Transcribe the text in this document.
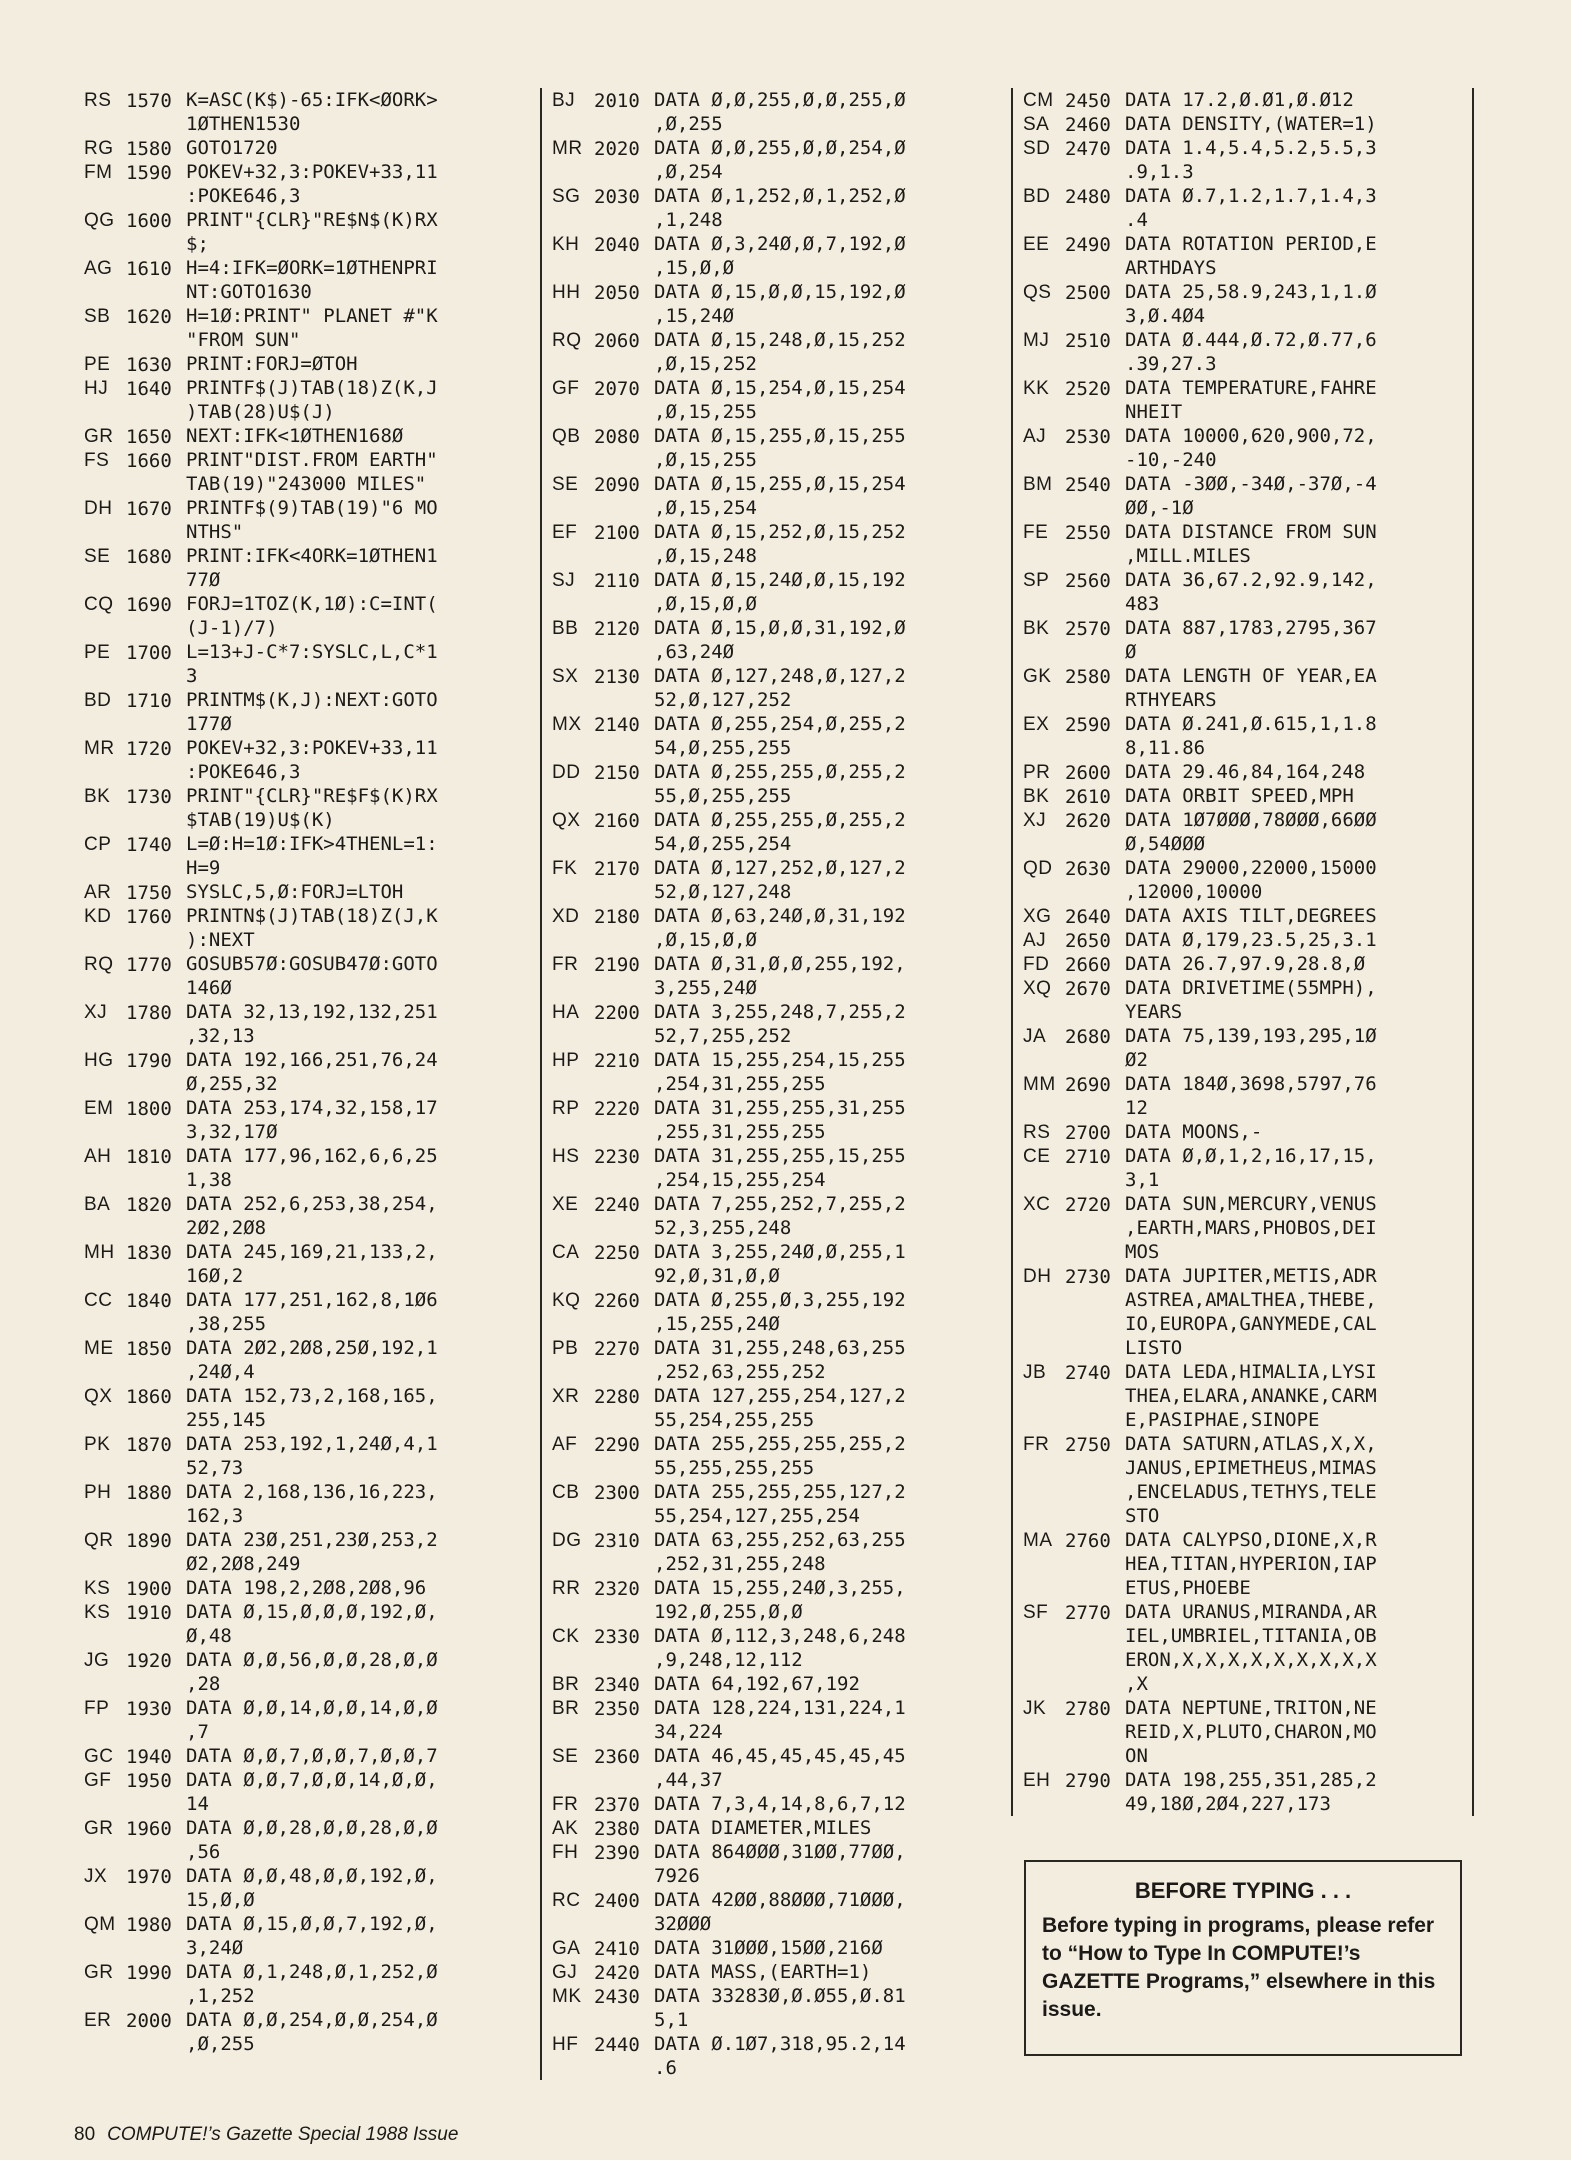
RS 1570 K=ASC(K$)-65:IFK<ØORK>
1ØTHEN1530
RG 1580 GOTO1720
FM 1590 POKEV+32,3:POKEV+33,11
:POKE646,3
QG 1600 PRINT"{CLR}"RE$N$(K)RX
$;
AG 1610 H=4:IFK=ØORK=1ØTHENPRI
NT:GOTO1630
SB 1620 H=1Ø:PRINT" PLANET #"K
"FROM SUN"
PE 1630 PRINT:FORJ=ØTOH
HJ 1640 PRINTF$(J)TAB(18)Z(K,J
)TAB(28)U$(J)
GR 1650 NEXT:IFK<1ØTHEN168Ø
FS 1660 PRINT"DIST.FROM EARTH"
TAB(19)"243000 MILES"
DH 1670 PRINTF$(9)TAB(19)"6 MO
NTHS"
SE 1680 PRINT:IFK<4ORK=1ØTHEN1
77Ø
CQ 1690 FORJ=1TOZ(K,1Ø):C=INT(
(J-1)/7)
PE 1700 L=13+J-C*7:SYSLC,L,C*1
3
BD 1710 PRINTM$(K,J):NEXT:GOTO
177Ø
MR 1720 POKEV+32,3:POKEV+33,11
:POKE646,3
BK 1730 PRINT"{CLR}"RE$F$(K)RX
$TAB(19)U$(K)
CP 1740 L=Ø:H=1Ø:IFK>4THENL=1:
H=9
AR 1750 SYSLC,5,Ø:FORJ=LTOH
KD 1760 PRINTN$(J)TAB(18)Z(J,K
):NEXT
RQ 1770 GOSUB57Ø:GOSUB47Ø:GOTO
146Ø
XJ 1780 DATA 32,13,192,132,251
,32,13
HG 1790 DATA 192,166,251,76,24
Ø,255,32
EM 1800 DATA 253,174,32,158,17
3,32,17Ø
AH 1810 DATA 177,96,162,6,6,25
1,38
BA 1820 DATA 252,6,253,38,254,
2Ø2,2Ø8
MH 1830 DATA 245,169,21,133,2,
16Ø,2
CC 1840 DATA 177,251,162,8,1Ø6
,38,255
ME 1850 DATA 2Ø2,2Ø8,25Ø,192,1
,24Ø,4
QX 1860 DATA 152,73,2,168,165,
255,145
PK 1870 DATA 253,192,1,24Ø,4,1
52,73
PH 1880 DATA 2,168,136,16,223,
162,3
QR 1890 DATA 23Ø,251,23Ø,253,2
Ø2,2Ø8,249
KS 1900 DATA 198,2,2Ø8,2Ø8,96
KS 1910 DATA Ø,15,Ø,Ø,Ø,192,Ø,
Ø,48
JG 1920 DATA Ø,Ø,56,Ø,Ø,28,Ø,Ø
,28
FP 1930 DATA Ø,Ø,14,Ø,Ø,14,Ø,Ø
,7
GC 1940 DATA Ø,Ø,7,Ø,Ø,7,Ø,Ø,7
GF 1950 DATA Ø,Ø,7,Ø,Ø,14,Ø,Ø,
14
GR 1960 DATA Ø,Ø,28,Ø,Ø,28,Ø,Ø
,56
JX 1970 DATA Ø,Ø,48,Ø,Ø,192,Ø,
15,Ø,Ø
QM 1980 DATA Ø,15,Ø,Ø,7,192,Ø,
3,24Ø
GR 1990 DATA Ø,1,248,Ø,1,252,Ø
,1,252
ER 2000 DATA Ø,Ø,254,Ø,Ø,254,Ø
,Ø,255
BJ 2010 DATA Ø,Ø,255,Ø,Ø,255,Ø
,Ø,255
MR 2020 DATA Ø,Ø,255,Ø,Ø,254,Ø
,Ø,254
SG 2030 DATA Ø,1,252,Ø,1,252,Ø
,1,248
KH 2040 DATA Ø,3,24Ø,Ø,7,192,Ø
,15,Ø,Ø
HH 2050 DATA Ø,15,Ø,Ø,15,192,Ø
,15,24Ø
RQ 2060 DATA Ø,15,248,Ø,15,252
,Ø,15,252
GF 2070 DATA Ø,15,254,Ø,15,254
,Ø,15,255
QB 2080 DATA Ø,15,255,Ø,15,255
,Ø,15,255
SE 2090 DATA Ø,15,255,Ø,15,254
,Ø,15,254
EF 2100 DATA Ø,15,252,Ø,15,252
,Ø,15,248
SJ 2110 DATA Ø,15,24Ø,Ø,15,192
,Ø,15,Ø,Ø
BB 2120 DATA Ø,15,Ø,Ø,31,192,Ø
,63,24Ø
SX 2130 DATA Ø,127,248,Ø,127,2
52,Ø,127,252
MX 2140 DATA Ø,255,254,Ø,255,2
54,Ø,255,255
DD 2150 DATA Ø,255,255,Ø,255,2
55,Ø,255,255
QX 2160 DATA Ø,255,255,Ø,255,2
54,Ø,255,254
FK 2170 DATA Ø,127,252,Ø,127,2
52,Ø,127,248
XD 2180 DATA Ø,63,24Ø,Ø,31,192
,Ø,15,Ø,Ø
FR 2190 DATA Ø,31,Ø,Ø,255,192,
3,255,24Ø
HA 2200 DATA 3,255,248,7,255,2
52,7,255,252
HP 2210 DATA 15,255,254,15,255
,254,31,255,255
RP 2220 DATA 31,255,255,31,255
,255,31,255,255
HS 2230 DATA 31,255,255,15,255
,254,15,255,254
XE 2240 DATA 7,255,252,7,255,2
52,3,255,248
CA 2250 DATA 3,255,24Ø,Ø,255,1
92,Ø,31,Ø,Ø
KQ 2260 DATA Ø,255,Ø,3,255,192
,15,255,24Ø
PB 2270 DATA 31,255,248,63,255
,252,63,255,252
XR 2280 DATA 127,255,254,127,2
55,254,255,255
AF 2290 DATA 255,255,255,255,2
55,255,255,255
CB 2300 DATA 255,255,255,127,2
55,254,127,255,254
DG 2310 DATA 63,255,252,63,255
,252,31,255,248
RR 2320 DATA 15,255,24Ø,3,255,
192,Ø,255,Ø,Ø
CK 2330 DATA Ø,112,3,248,6,248
,9,248,12,112
BR 2340 DATA 64,192,67,192
BR 2350 DATA 128,224,131,224,1
34,224
SE 2360 DATA 46,45,45,45,45,45
,44,37
FR 2370 DATA 7,3,4,14,8,6,7,12
AK 2380 DATA DIAMETER,MILES
FH 2390 DATA 864ØØØ,31ØØ,77ØØ,
7926
RC 2400 DATA 42ØØ,88ØØØ,71ØØØ,
32ØØØ
GA 2410 DATA 31ØØØ,15ØØ,216Ø
GJ 2420 DATA MASS,(EARTH=1)
MK 2430 DATA 33283Ø,Ø.Ø55,Ø.81
5,1
HF 2440 DATA Ø.1Ø7,318,95.2,14
.6
CM 2450 DATA 17.2,Ø.Ø1,Ø.Ø12
SA 2460 DATA DENSITY,(WATER=1)
SD 2470 DATA 1.4,5.4,5.2,5.5,3
.9,1.3
BD 2480 DATA Ø.7,1.2,1.7,1.4,3
.4
EE 2490 DATA ROTATION PERIOD,E
ARTHDAYS
QS 2500 DATA 25,58.9,243,1,1.Ø
3,Ø.4Ø4
MJ 2510 DATA Ø.444,Ø.72,Ø.77,6
.39,27.3
KK 2520 DATA TEMPERATURE,FAHRE
NHEIT
AJ 2530 DATA 10000,620,900,72,
-10,-240
BM 2540 DATA -3ØØ,-34Ø,-37Ø,-4
ØØ,-1Ø
FE 2550 DATA DISTANCE FROM SUN
,MILL.MILES
SP 2560 DATA 36,67.2,92.9,142,
483
BK 2570 DATA 887,1783,2795,367
Ø
GK 2580 DATA LENGTH OF YEAR,EA
RTHYEARS
EX 2590 DATA Ø.241,Ø.615,1,1.8
8,11.86
PR 2600 DATA 29.46,84,164,248
BK 2610 DATA ORBIT SPEED,MPH
XJ 2620 DATA 1Ø7ØØØ,78ØØØ,66ØØ
Ø,54ØØØ
QD 2630 DATA 29000,22000,15000
,12000,10000
XG 2640 DATA AXIS TILT,DEGREES
AJ 2650 DATA Ø,179,23.5,25,3.1
FD 2660 DATA 26.7,97.9,28.8,Ø
XQ 2670 DATA DRIVETIME(55MPH),
YEARS
JA 2680 DATA 75,139,193,295,1Ø
Ø2
MM 2690 DATA 184Ø,3698,5797,76
12
RS 2700 DATA MOONS,-
CE 2710 DATA Ø,Ø,1,2,16,17,15,
3,1
XC 2720 DATA SUN,MERCURY,VENUS
,EARTH,MARS,PHOBOS,DEI
MOS
DH 2730 DATA JUPITER,METIS,ADR
ASTREA,AMALTHEA,THEBE,
IO,EUROPA,GANYMEDE,CAL
LISTO
JB 2740 DATA LEDA,HIMALIA,LYSI
THEA,ELARA,ANANKE,CARM
E,PASIPHAE,SINOPE
FR 2750 DATA SATURN,ATLAS,X,X,
JANUS,EPIMETHEUS,MIMAS
,ENCELADUS,TETHYS,TELE
STO
MA 2760 DATA CALYPSO,DIONE,X,R
HEA,TITAN,HYPERION,IAP
ETUS,PHOEBE
SF 2770 DATA URANUS,MIRANDA,AR
IEL,UMBRIEL,TITANIA,OB
ERON,X,X,X,X,X,X,X,X,X
,X
JK 2780 DATA NEPTUNE,TRITON,NE
REID,X,PLUTO,CHARON,MO
ON
EH 2790 DATA 198,255,351,285,2
49,18Ø,2Ø4,227,173
BEFORE TYPING . . .
Before typing in programs, please refer to “How to Type In COMPUTE!’s GAZETTE Programs,” elsewhere in this issue.
80 COMPUTE!’s Gazette Special 1988 Issue
